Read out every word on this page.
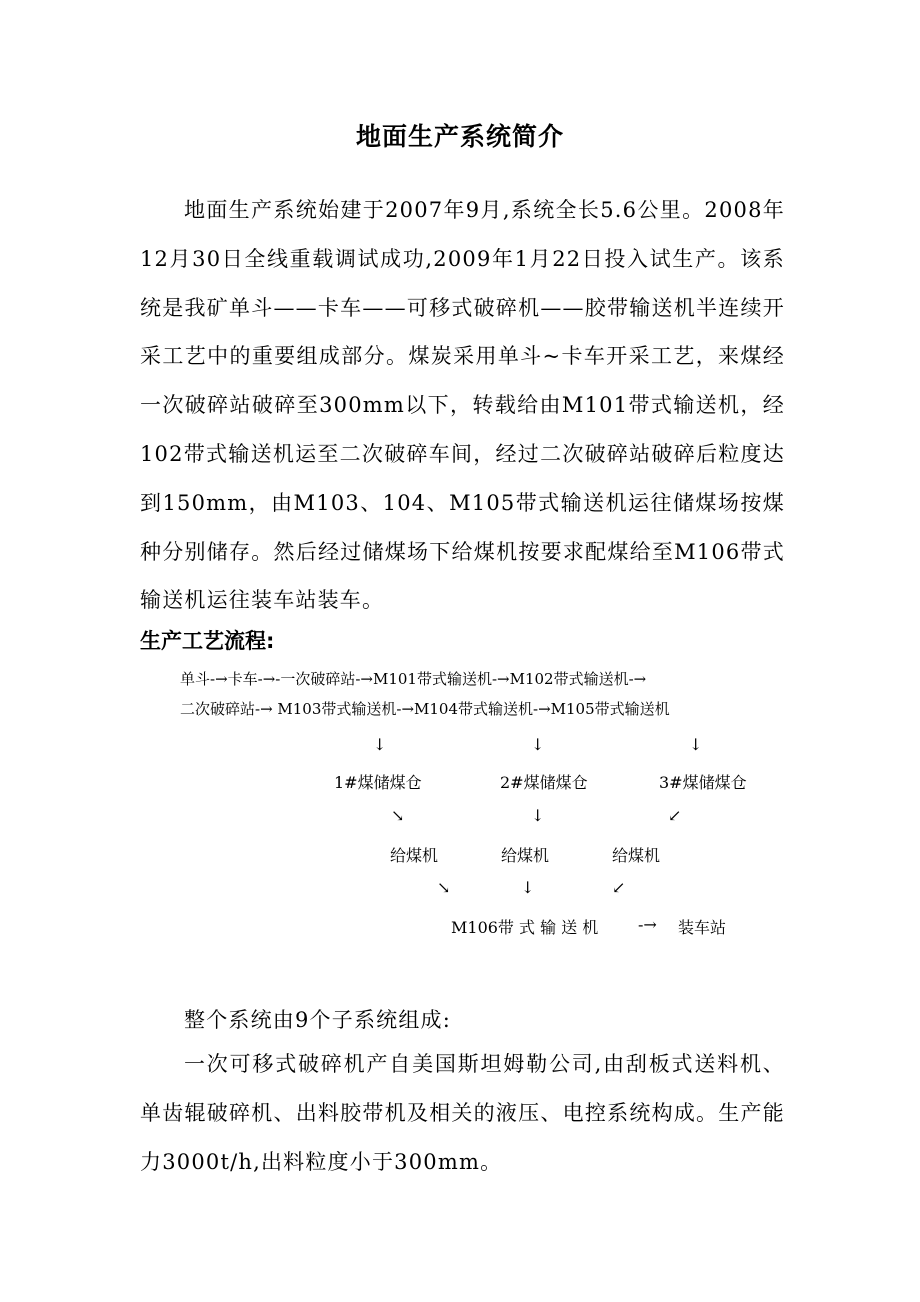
地面生产系统简介

地面生产系统始建于2007年9月,系统全长5.6公里。2008年12月30日全线重载调试成功,2009年1月22日投入试生产。该系统是我矿单斗——卡车——可移式破碎机——胶带输送机半连续开采工艺中的重要组成部分。煤炭采用单斗~卡车开采工艺，来煤经一次破碎站破碎至300mm以下，转载给由M101带式输送机，经102带式输送机运至二次破碎车间，经过二次破碎站破碎后粒度达到150mm，由M103、104、M105带式输送机运往储煤场按煤种分别储存。然后经过储煤场下给煤机按要求配煤给至M106带式输送机运往装车站装车。

生产工艺流程:
单斗-→卡车-→-一次破碎站-→M101带式输送机-→M102带式输送机-→
二次破碎站-→ M103带式输送机-→M104带式输送机-→M105带式输送机
↓	↓	↓
1#煤储煤仓	2#煤储煤仓	3#煤储煤仓
↘	↓	↙
给煤机	给煤机	给煤机
↘	↓	↙
M106带 式 输 送 机 -→ 装车站

整个系统由9个子系统组成:

一次可移式破碎机产自美国斯坦姆勒公司,由刮板式送料机、单齿辊破碎机、出料胶带机及相关的液压、电控系统构成。生产能力3000t/h,出料粒度小于300mm。
